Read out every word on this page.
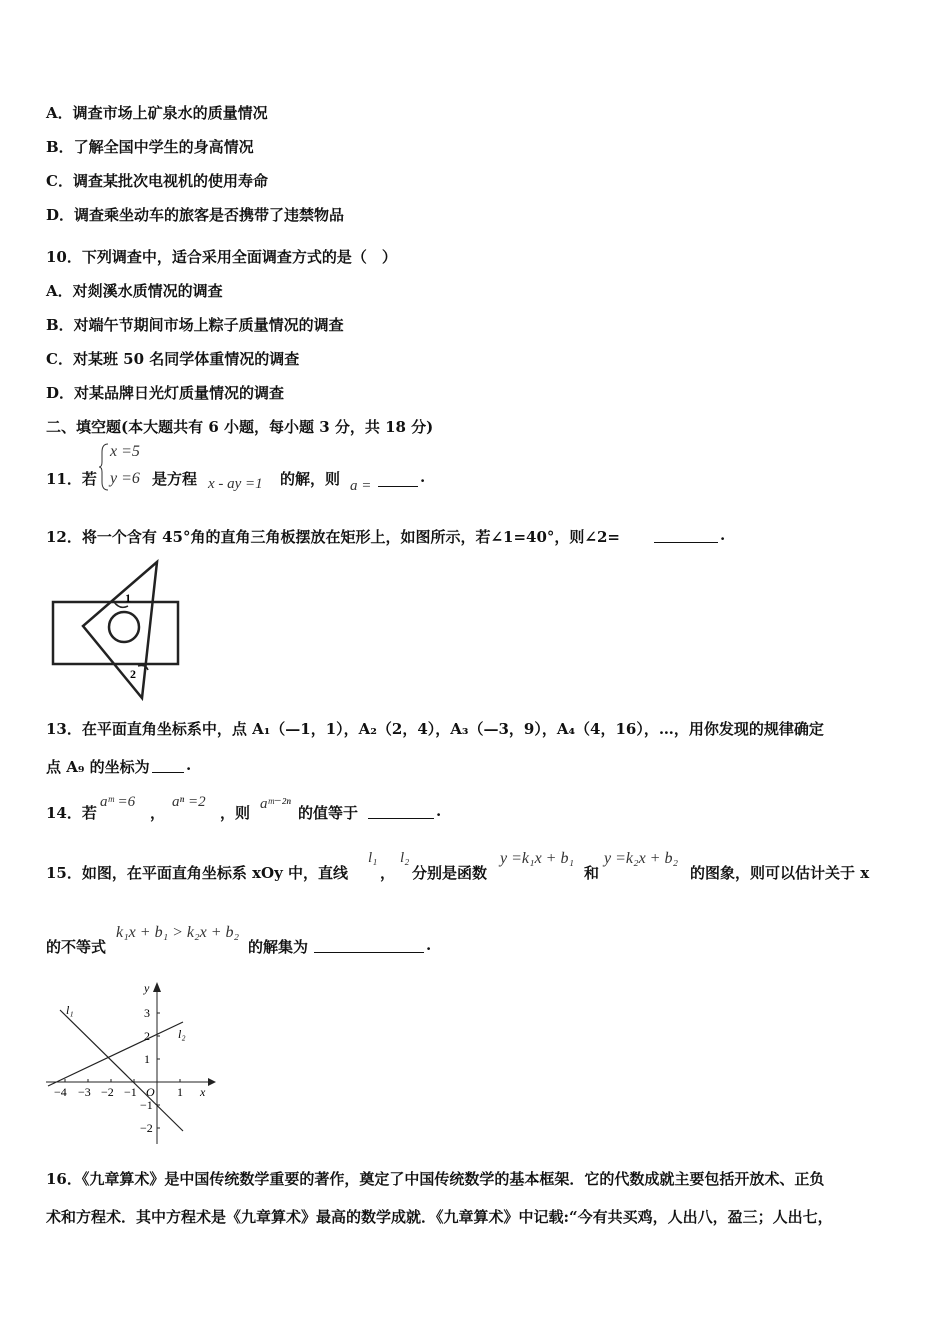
A．调查市场上矿泉水的质量情况
B．了解全国中学生的身高情况
C．调查某批次电视机的使用寿命
D．调查乘坐动车的旅客是否携带了违禁物品
10．下列调查中，适合采用全面调查方式的是（　）
A．对剡溪水质情况的调查
B．对端午节期间市场上粽子质量情况的调查
C．对某班 50 名同学体重情况的调查
D．对某品牌日光灯质量情况的调查
二、填空题(本大题共有 6 小题，每小题 3 分，共 18 分)
11．若
x =5
y =6 是方程 x - ay =1 的解，则 a =	.
12．将一个含有 45°角的直角三角板摆放在矩形上，如图所示，若∠1=40°，则∠2=	.
1
2
13．在平面直角坐标系中，点 A₁（—1，1），A₂（2，4），A₃（—3，9），A₄（4，16），…，用你发现的规律确定
点 A₉ 的坐标为 .
14．若
aᵐ =6
，
aⁿ =2
，则 aᵐ⁻²ⁿ 的值等于	.
15．如图，在平面直角坐标系 xOy 中，直线
l₁
，
l₂
分别是函数
y =k₁x + b₁
和
y =k₂x + b₂
的图象，则可以估计关于 x
的不等式
k₁x + b₁ > k₂x + b₂
的解集为	.
y
x
O
l₁
l₂
−4 −3 −2 −1	1
3
2
1
−1
−2
16．《九章算术》是中国传统数学重要的著作，奠定了中国传统数学的基本框架．它的代数成就主要包括开放术、正负
术和方程术．其中方程术是《九章算术》最高的数学成就．《九章算术》中记载:“今有共买鸡，人出八，盈三；人出七，
